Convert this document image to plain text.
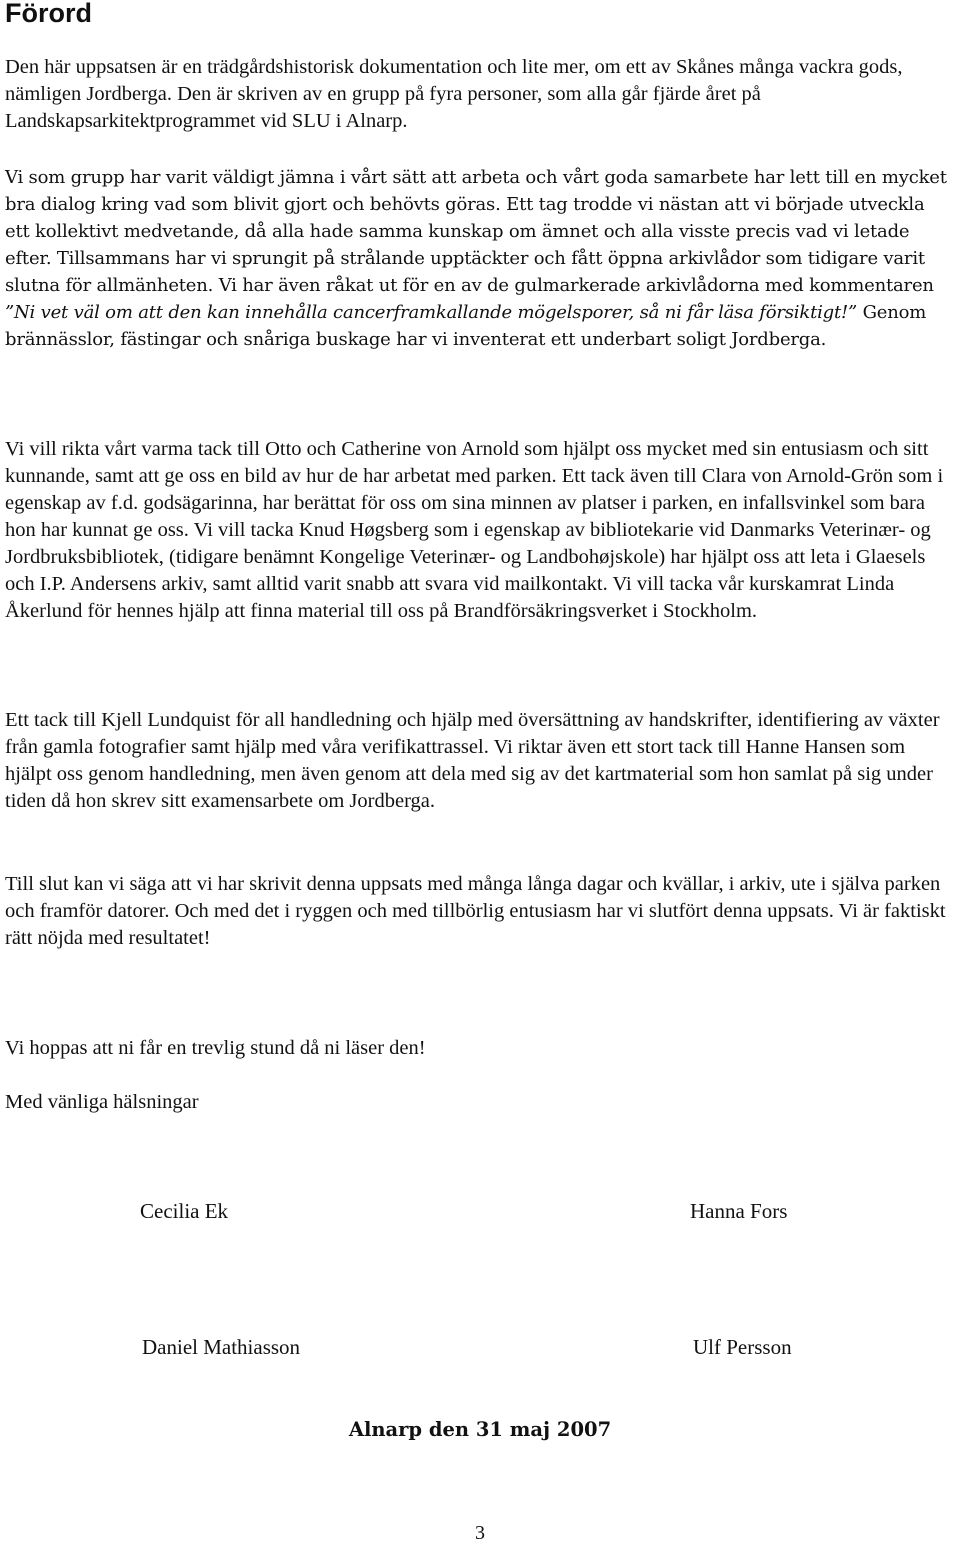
Förord

Den här uppsatsen är en trädgårdshistorisk dokumentation och lite mer, om ett av Skånes många vackra gods, nämligen Jordberga. Den är skriven av en grupp på fyra personer, som alla går fjärde året på Landskapsarkitektprogrammet vid SLU i Alnarp.

Vi som grupp har varit väldigt jämna i vårt sätt att arbeta och vårt goda samarbete har lett till en mycket bra dialog kring vad som blivit gjort och behövts göras. Ett tag trodde vi nästan att vi började utveckla ett kollektivt medvetande, då alla hade samma kunskap om ämnet och alla visste precis vad vi letade efter. Tillsammans har vi sprungit på strålande upptäckter och fått öppna arkivlådor som tidigare varit slutna för allmänheten. Vi har även råkat ut för en av de gulmarkerade arkivlådorna med kommentaren ”Ni vet väl om att den kan innehålla cancerframkallande mögelsporer, så ni får läsa försiktigt!” Genom brännässlor, fästingar och snåriga buskage har vi inventerat ett underbart soligt Jordberga.

Vi vill rikta vårt varma tack till Otto och Catherine von Arnold som hjälpt oss mycket med sin entusiasm och sitt kunnande, samt att ge oss en bild av hur de har arbetat med parken. Ett tack även till Clara von Arnold-Grön som i egenskap av f.d. godsägarinna, har berättat för oss om sina minnen av platser i parken, en infallsvinkel som bara hon har kunnat ge oss. Vi vill tacka Knud Høgsberg som i egenskap av bibliotekarie vid Danmarks Veterinær- og Jordbruksbibliotek, (tidigare benämnt Kongelige Veterinær- og Landbohøjskole) har hjälpt oss att leta i Glaesels och I.P. Andersens arkiv, samt alltid varit snabb att svara vid mailkontakt. Vi vill tacka vår kurskamrat Linda Åkerlund för hennes hjälp att finna material till oss på Brandförsäkringsverket i Stockholm.

Ett tack till Kjell Lundquist för all handledning och hjälp med översättning av handskrifter, identifiering av växter från gamla fotografier samt hjälp med våra verifikattrassel. Vi riktar även ett stort tack till Hanne Hansen som hjälpt oss genom handledning, men även genom att dela med sig av det kartmaterial som hon samlat på sig under tiden då hon skrev sitt examensarbete om Jordberga.

Till slut kan vi säga att vi har skrivit denna uppsats med många långa dagar och kvällar, i arkiv, ute i själva parken och framför datorer. Och med det i ryggen och med tillbörlig entusiasm har vi slutfört denna uppsats. Vi är faktiskt rätt nöjda med resultatet!

Vi hoppas att ni får en trevlig stund då ni läser den!

Med vänliga hälsningar

Cecilia Ek	Hanna Fors
Daniel Mathiasson	Ulf Persson
Alnarp den 31 maj 2007
3
